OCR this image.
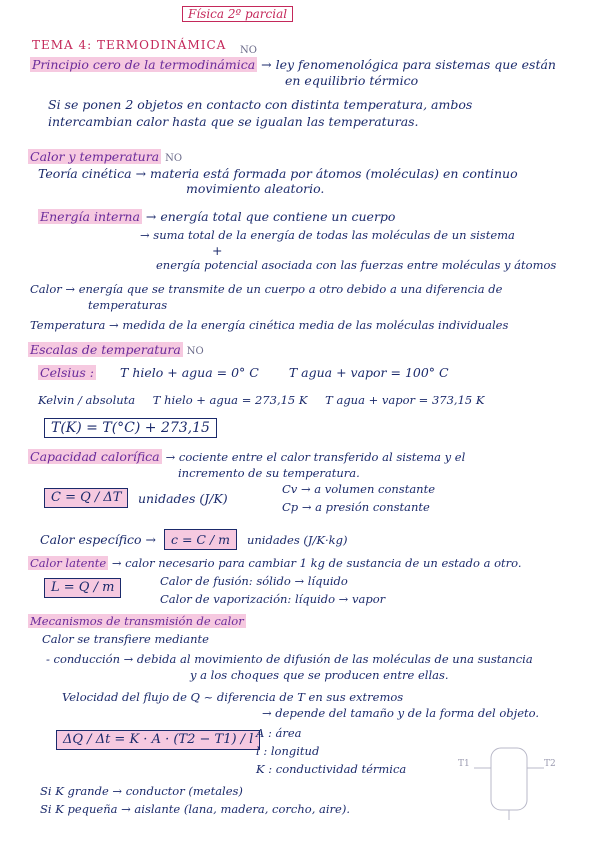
Física 2º parcial
TEMA 4: TERMODINÁMICA NO
Principio cero de la termodinámica → ley fenomenológica para sistemas que están
en equilibrio térmico
Si se ponen 2 objetos en contacto con distinta temperatura, ambos
intercambian calor hasta que se igualan las temperaturas.
Calor y temperatura NO
Teoría cinética → materia está formada por átomos (moléculas) en continuo
movimiento aleatorio.
Energía interna → energía total que contiene un cuerpo
→ suma total de la energía de todas las moléculas de un sistema
+
energía potencial asociada con las fuerzas entre moléculas y átomos
Calor → energía que se transmite de un cuerpo a otro debido a una diferencia de
temperaturas
Temperatura → medida de la energía cinética media de las moléculas individuales
Escalas de temperatura NO
Celsius : T hielo + agua = 0° C T agua + vapor = 100° C
Kelvin / absoluta T hielo + agua = 273,15 K T agua + vapor = 373,15 K
T(K) = T(°C) + 273,15
Capacidad calorífica → cociente entre el calor transferido al sistema y el
incremento de su temperatura.
C = Q / ΔT	unidades (J/K)
Cv → a volumen constante
Cp → a presión constante
Calor específico → c = C / m unidades (J/K·kg)
Calor latente → calor necesario para cambiar 1 kg de sustancia de un estado a otro.
L = Q / m	Calor de fusión: sólido → líquido
Calor de vaporización: líquido → vapor
Mecanismos de transmisión de calor
Calor se transfiere mediante
- conducción → debida al movimiento de difusión de las moléculas de una sustancia
y a los choques que se producen entre ellas.
Velocidad del flujo de Q ~ diferencia de T en sus extremos
→ depende del tamaño y de la forma del objeto.
ΔQ / Δt = K · A · (T2 − T1) / l A : área
l : longitud
K : conductividad térmica
Si K grande → conductor (metales)
Si K pequeña → aislante (lana, madera, corcho, aire).
T1	T2
